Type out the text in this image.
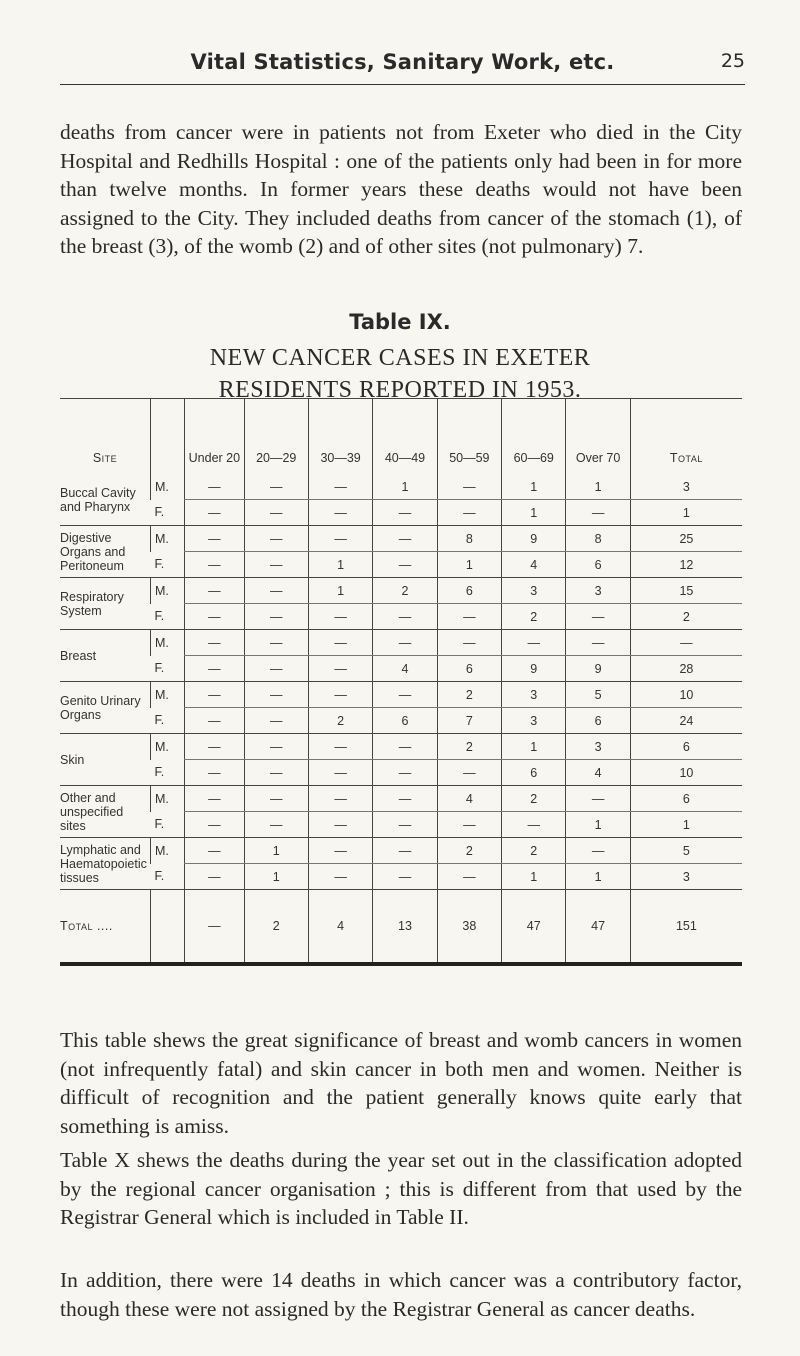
Vital Statistics, Sanitary Work, etc.	25

deaths from cancer were in patients not from Exeter who died in the City Hospital and Redhills Hospital : one of the patients only had been in for more than twelve months. In former years these deaths would not have been assigned to the City. They included deaths from cancer of the stomach (1), of the breast (3), of the womb (2) and of other sites (not pulmonary) 7.

Table IX.
NEW CANCER CASES IN EXETER RESIDENTS REPORTED IN 1953.
Site		Under 20	20—29	30—39	40—49	50—59	60—69	Over 70	Total
Buccal Cavity and Pharynx	M.	—	—	—	1	—	1	1	3
	F.	—	—	—	—	—	1	—	1
Digestive Organs and Peritoneum	M.	—	—	—	—	8	9	8	25
	F.	—	—	1	—	1	4	6	12
Respiratory System	M.	—	—	1	2	6	3	3	15
	F.	—	—	—	—	—	2	—	2
Breast	M.	—	—	—	—	—	—	—	—
	F.	—	—	—	4	6	9	9	28
Genito Urinary Organs	M.	—	—	—	—	2	3	5	10
	F.	—	—	2	6	7	3	6	24
Skin	M.	—	—	—	—	2	1	3	6
	F.	—	—	—	—	—	6	4	10
Other and unspecified sites	M.	—	—	—	—	4	2	—	6
	F.	—	—	—	—	—	—	1	1
Lymphatic and Haematopoietic tissues	M.	—	1	—	—	2	2	—	5
	F.	—	1	—	—	—	1	1	3
Total ....		—	2	4	13	38	47	47	151

This table shews the great significance of breast and womb cancers in women (not infrequently fatal) and skin cancer in both men and women. Neither is difficult of recognition and the patient generally knows quite early that something is amiss.

Table X shews the deaths during the year set out in the classification adopted by the regional cancer organisation ; this is different from that used by the Registrar General which is included in Table II.

In addition, there were 14 deaths in which cancer was a contributory factor, though these were not assigned by the Registrar General as cancer deaths.
